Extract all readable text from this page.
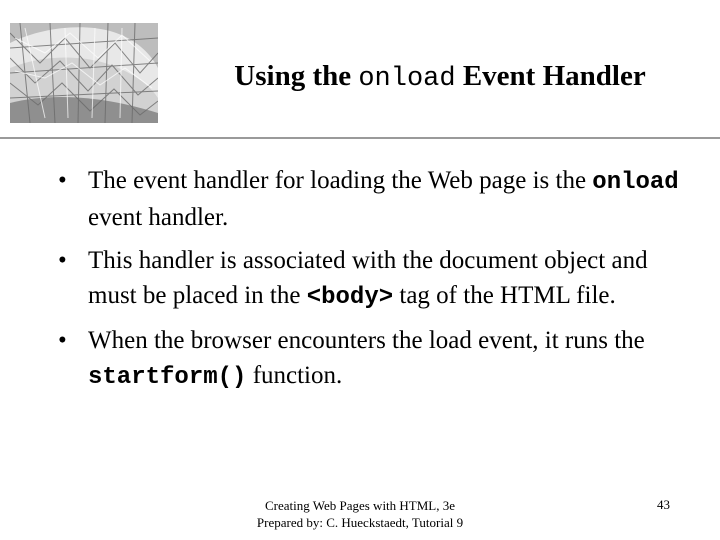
Using the onload Event Handler
• The event handler for loading the Web page is the onload event handler.
• This handler is associated with the document object and must be placed in the <body> tag of the HTML file.
• When the browser encounters the load event, it runs the startform() function.
Creating Web Pages with HTML, 3e
Prepared by: C. Hueckstaedt, Tutorial 9
43
